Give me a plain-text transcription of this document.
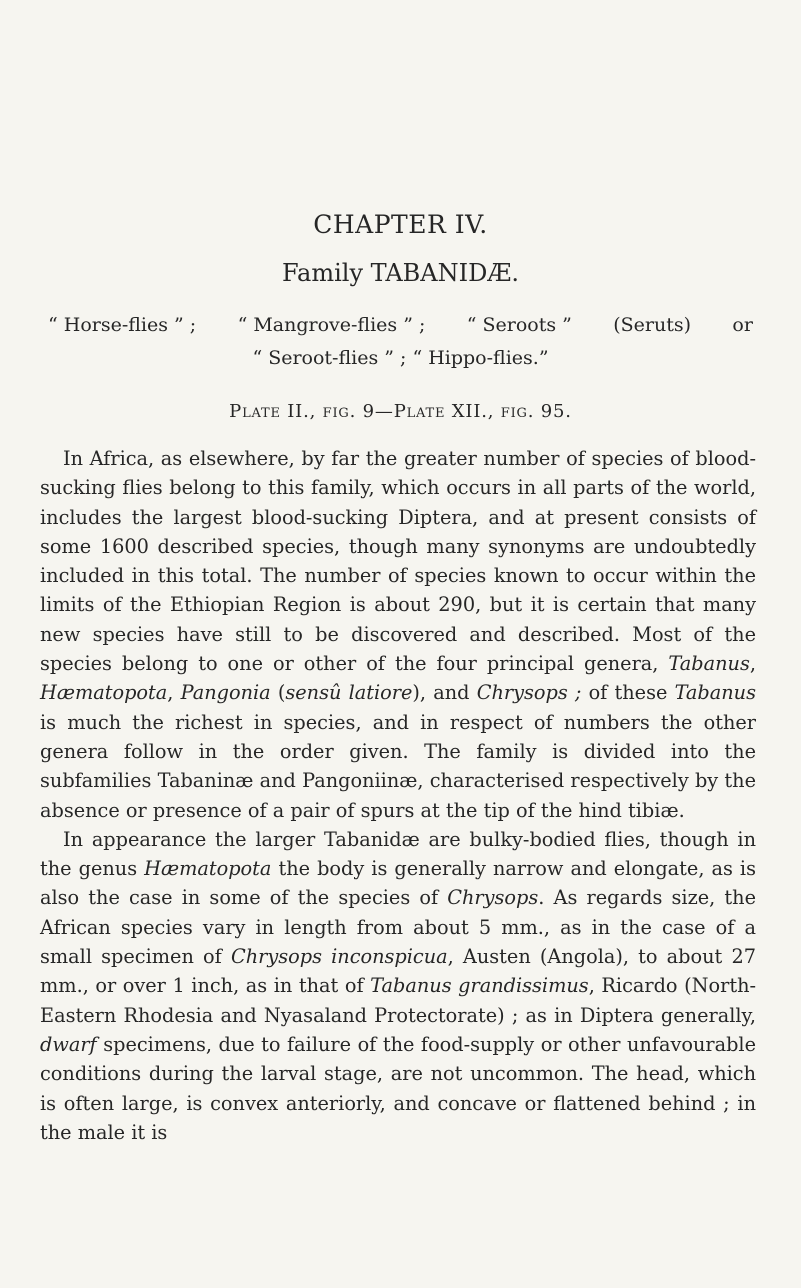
CHAPTER IV.
Family TABANIDÆ.
“ Horse-flies ” ; “ Mangrove-flies ” ; “ Seroots ” (Seruts) or
“ Seroot-flies ” ; “ Hippo-flies.”
Plate II., fig. 9—Plate XII., fig. 95.

In Africa, as elsewhere, by far the greater number of species of blood-sucking flies belong to this family, which occurs in all parts of the world, includes the largest blood-sucking Diptera, and at present consists of some 1600 described species, though many synonyms are undoubtedly included in this total. The number of species known to occur within the limits of the Ethiopian Region is about 290, but it is certain that many new species have still to be discovered and described. Most of the species belong to one or other of the four principal genera, Tabanus, Hæmatopota, Pangonia (sensû latiore), and Chrysops ; of these Tabanus is much the richest in species, and in respect of numbers the other genera follow in the order given. The family is divided into the subfamilies Tabaninæ and Pangoniinæ, characterised respectively by the absence or presence of a pair of spurs at the tip of the hind tibiæ.

In appearance the larger Tabanidæ are bulky-bodied flies, though in the genus Hæmatopota the body is generally narrow and elongate, as is also the case in some of the species of Chrysops. As regards size, the African species vary in length from about 5 mm., as in the case of a small specimen of Chrysops inconspicua, Austen (Angola), to about 27 mm., or over 1 inch, as in that of Tabanus grandissimus, Ricardo (North-Eastern Rhodesia and Nyasaland Protectorate) ; as in Diptera generally, dwarf specimens, due to failure of the food-supply or other unfavourable conditions during the larval stage, are not uncommon. The head, which is often large, is convex anteriorly, and concave or flattened behind ; in the male it is
